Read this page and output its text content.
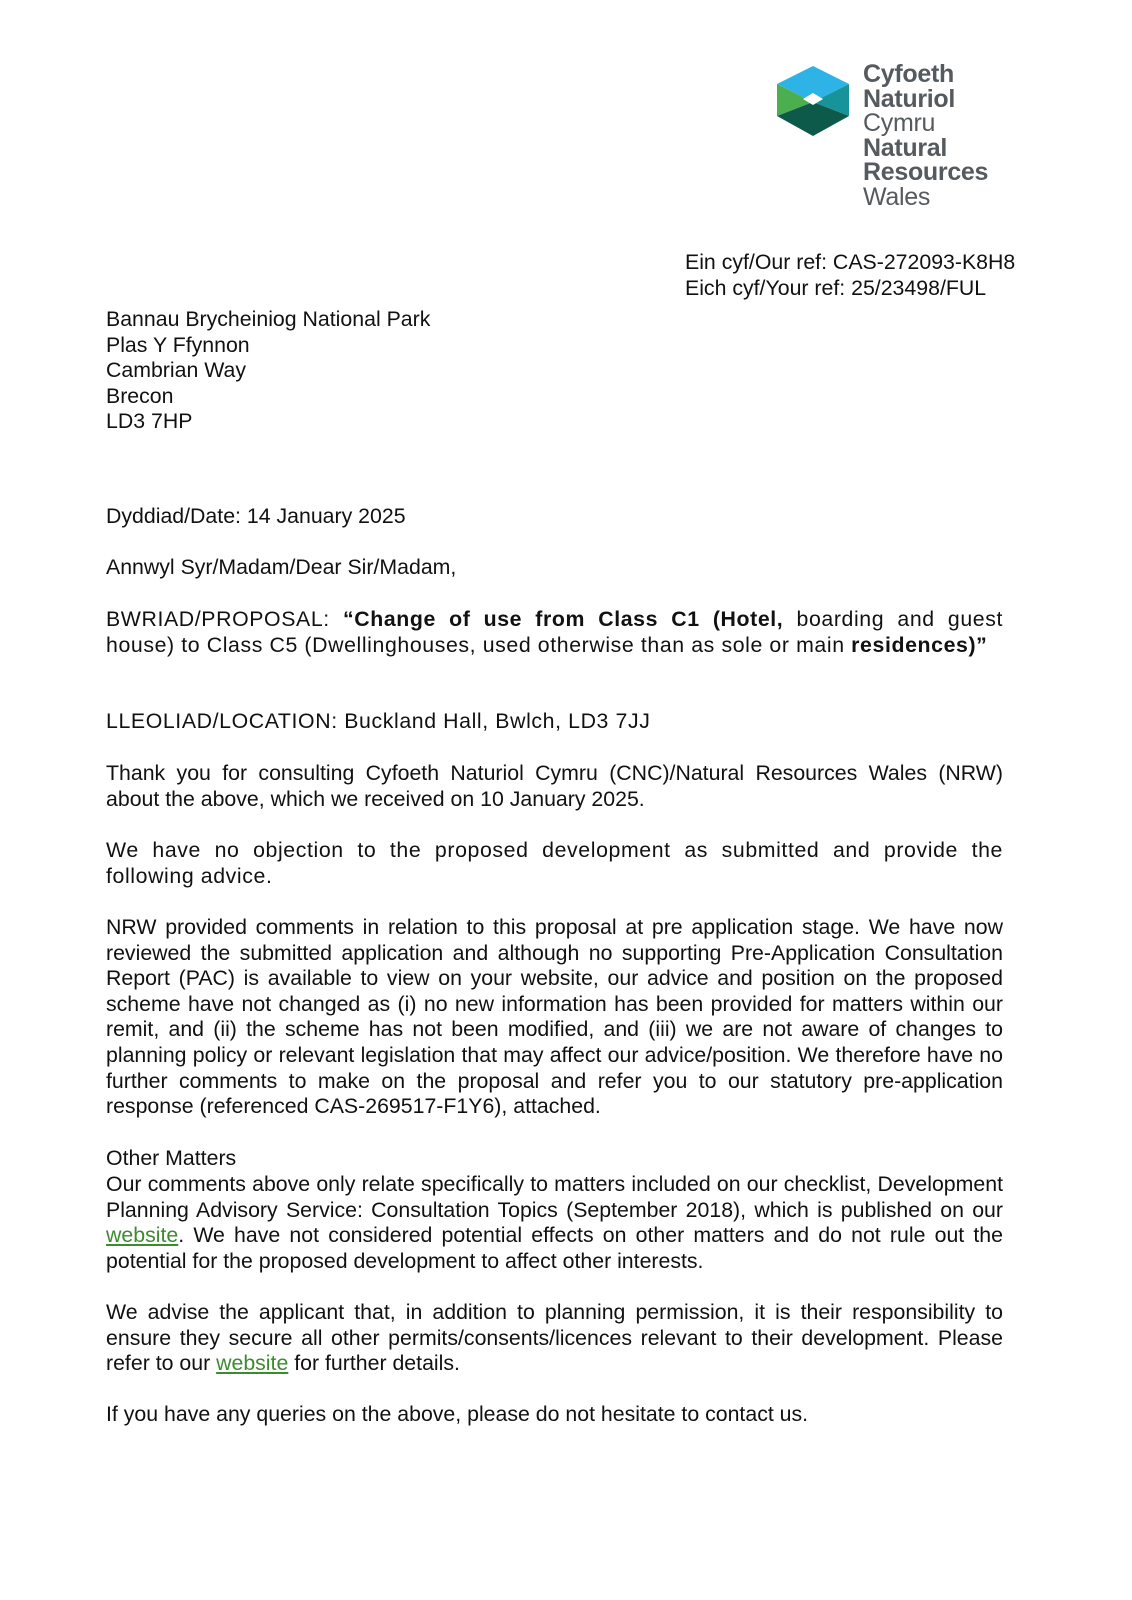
Cyfoeth
Naturiol
Cymru
Natural
Resources
Wales
Ein cyf/Our ref: CAS-272093-K8H8
Eich cyf/Your ref: 25/23498/FUL
Bannau Brycheiniog National Park
Plas Y Ffynnon
Cambrian Way
Brecon
LD3 7HP
Dyddiad/Date: 14 January 2025
Annwyl Syr/Madam/Dear Sir/Madam,
BWRIAD/PROPOSAL: “Change of use from Class C1 (Hotel, boarding and guest house) to Class C5 (Dwellinghouses, used otherwise than as sole or main residences)”
LLEOLIAD/LOCATION: Buckland Hall, Bwlch, LD3 7JJ
Thank you for consulting Cyfoeth Naturiol Cymru (CNC)/Natural Resources Wales (NRW) about the above, which we received on 10 January 2025.
We have no objection to the proposed development as submitted and provide the following advice.
NRW provided comments in relation to this proposal at pre application stage. We have now reviewed the submitted application and although no supporting Pre-Application Consultation Report (PAC) is available to view on your website, our advice and position on the proposed scheme have not changed as (i) no new information has been provided for matters within our remit, and (ii) the scheme has not been modified, and (iii) we are not aware of changes to planning policy or relevant legislation that may affect our advice/position. We therefore have no further comments to make on the proposal and refer you to our statutory pre-application response (referenced CAS-269517-F1Y6), attached.
Other Matters
Our comments above only relate specifically to matters included on our checklist, Development Planning Advisory Service: Consultation Topics (September 2018), which is published on our website. We have not considered potential effects on other matters and do not rule out the potential for the proposed development to affect other interests.
We advise the applicant that, in addition to planning permission, it is their responsibility to ensure they secure all other permits/consents/licences relevant to their development. Please refer to our website for further details.
If you have any queries on the above, please do not hesitate to contact us.
